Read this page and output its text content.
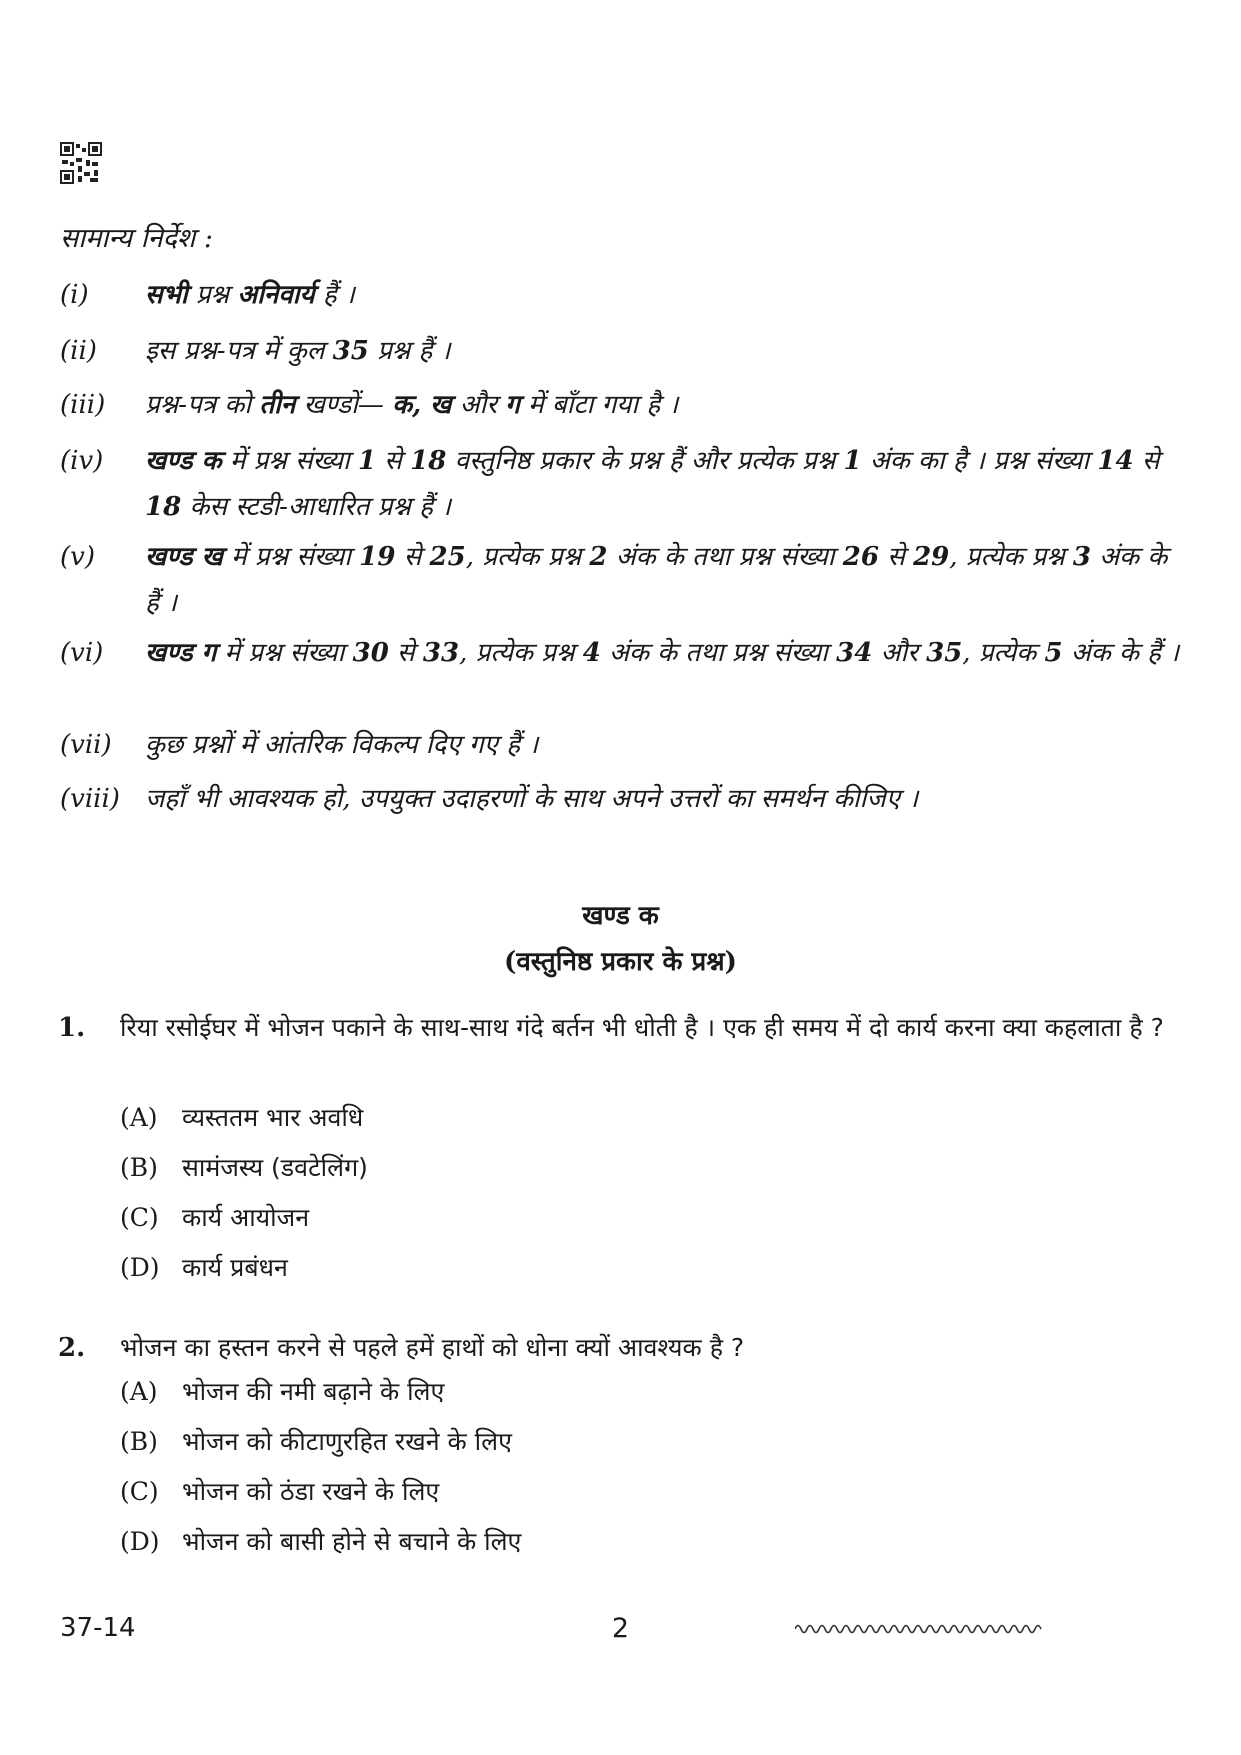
सामान्य निर्देश :
(i)	सभी प्रश्न अनिवार्य हैं ।
(ii)	इस प्रश्न-पत्र में कुल 35 प्रश्न हैं ।
(iii)	प्रश्न-पत्र को तीन खण्डों— क, ख और ग में बाँटा गया है ।
(iv)	खण्ड क में प्रश्न संख्या 1 से 18 वस्तुनिष्ठ प्रकार के प्रश्न हैं और प्रत्येक प्रश्न 1 अंक का है । प्रश्न संख्या 14 से 18 केस स्टडी-आधारित प्रश्न हैं ।
(v)	खण्ड ख में प्रश्न संख्या 19 से 25, प्रत्येक प्रश्न 2 अंक के तथा प्रश्न संख्या 26 से 29, प्रत्येक प्रश्न 3 अंक के हैं ।
(vi)	खण्ड ग में प्रश्न संख्या 30 से 33, प्रत्येक प्रश्न 4 अंक के तथा प्रश्न संख्या 34 और 35, प्रत्येक 5 अंक के हैं ।
(vii)	कुछ प्रश्नों में आंतरिक विकल्प दिए गए हैं ।
(viii) जहाँ भी आवश्यक हो, उपयुक्त उदाहरणों के साथ अपने उत्तरों का समर्थन कीजिए ।
खण्ड क
(वस्तुनिष्ठ प्रकार के प्रश्न)
1.	रिया रसोईघर में भोजन पकाने के साथ-साथ गंदे बर्तन भी धोती है । एक ही समय में दो कार्य करना क्या कहलाता है ?
(A) व्यस्ततम भार अवधि
(B) सामंजस्य (डवटेलिंग)
(C) कार्य आयोजन
(D) कार्य प्रबंधन
2.	भोजन का हस्तन करने से पहले हमें हाथों को धोना क्यों आवश्यक है ?
(A) भोजन की नमी बढ़ाने के लिए
(B) भोजन को कीटाणुरहित रखने के लिए
(C) भोजन को ठंडा रखने के लिए
(D) भोजन को बासी होने से बचाने के लिए
37-14	2
